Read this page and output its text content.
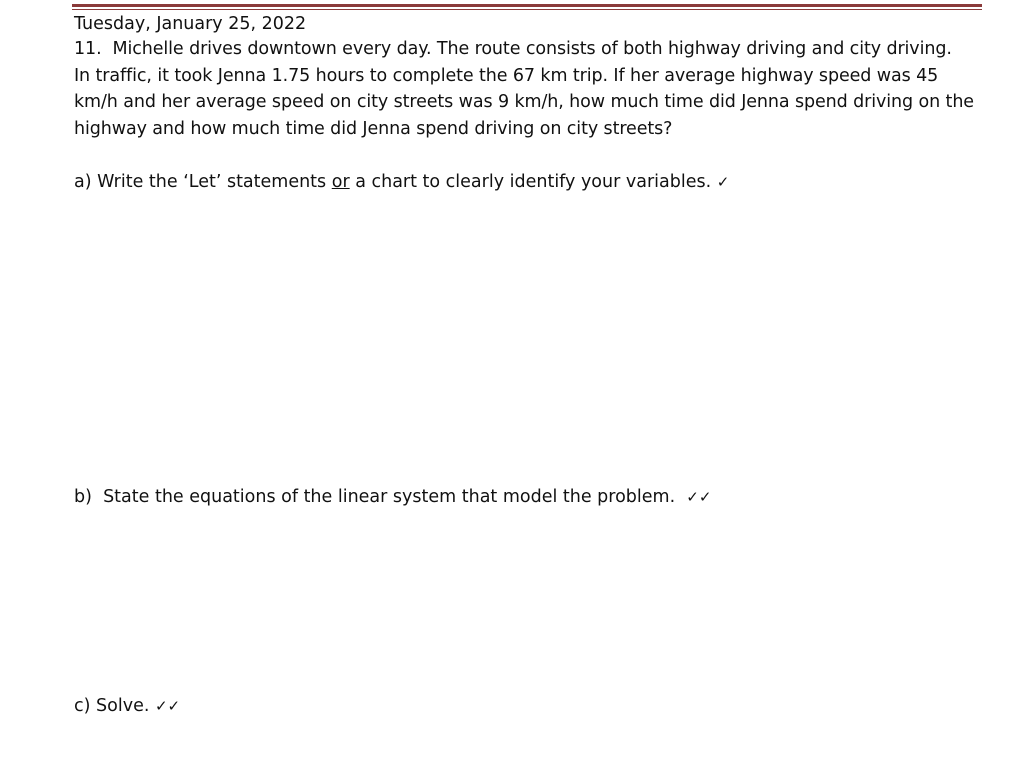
Tuesday, January 25, 2022

11. Michelle drives downtown every day. The route consists of both highway driving and city driving.
In traffic, it took Jenna 1.75 hours to complete the 67 km trip. If her average highway speed was 45
km/h and her average speed on city streets was 9 km/h, how much time did Jenna spend driving on the
highway and how much time did Jenna spend driving on city streets?

a) Write the ‘Let’ statements or a chart to clearly identify your variables. ✓

b) State the equations of the linear system that model the problem. ✓✓

c) Solve. ✓✓
